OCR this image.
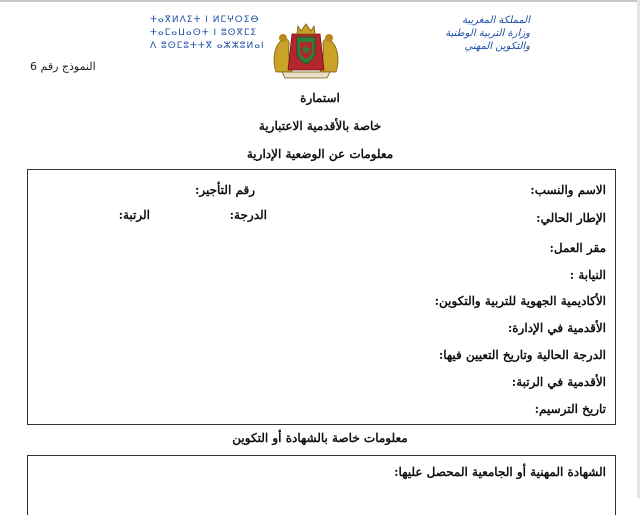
المملكة المغربية
وزارة التربية الوطنية
والتكوين المهني
ⵜⴰⴳⵍⴷⵉⵜ ⵏ ⵍⵎⵖⵔⵉⴱ
ⵜⴰⵎⴰⵡⴰⵙⵜ ⵏ ⵓⵙⴳⵎⵉ
ⴷ ⵓⵙⵎⵓⵜⵜⴳ ⴰⵣⵣⵓⵍⴰⵏ
النموذج رقم 6
استمارة
خاصة بالأقدمية الاعتبارية
معلومات عن الوضعية الإدارية
الاسم والنسب:
رقم التأجير:
الإطار الحالي:
الدرجة:
الرتبة:
مقر العمل:
النيابة :
الأكاديمية الجهوية للتربية والتكوين:
الأقدمية في الإدارة:
الدرجة الحالية وتاريخ التعيين فيها:
الأقدمية في الرتبة:
تاريخ الترسيم:
معلومات خاصة بالشهادة أو التكوين
الشهادة المهنية أو الجامعية المحصل عليها:
